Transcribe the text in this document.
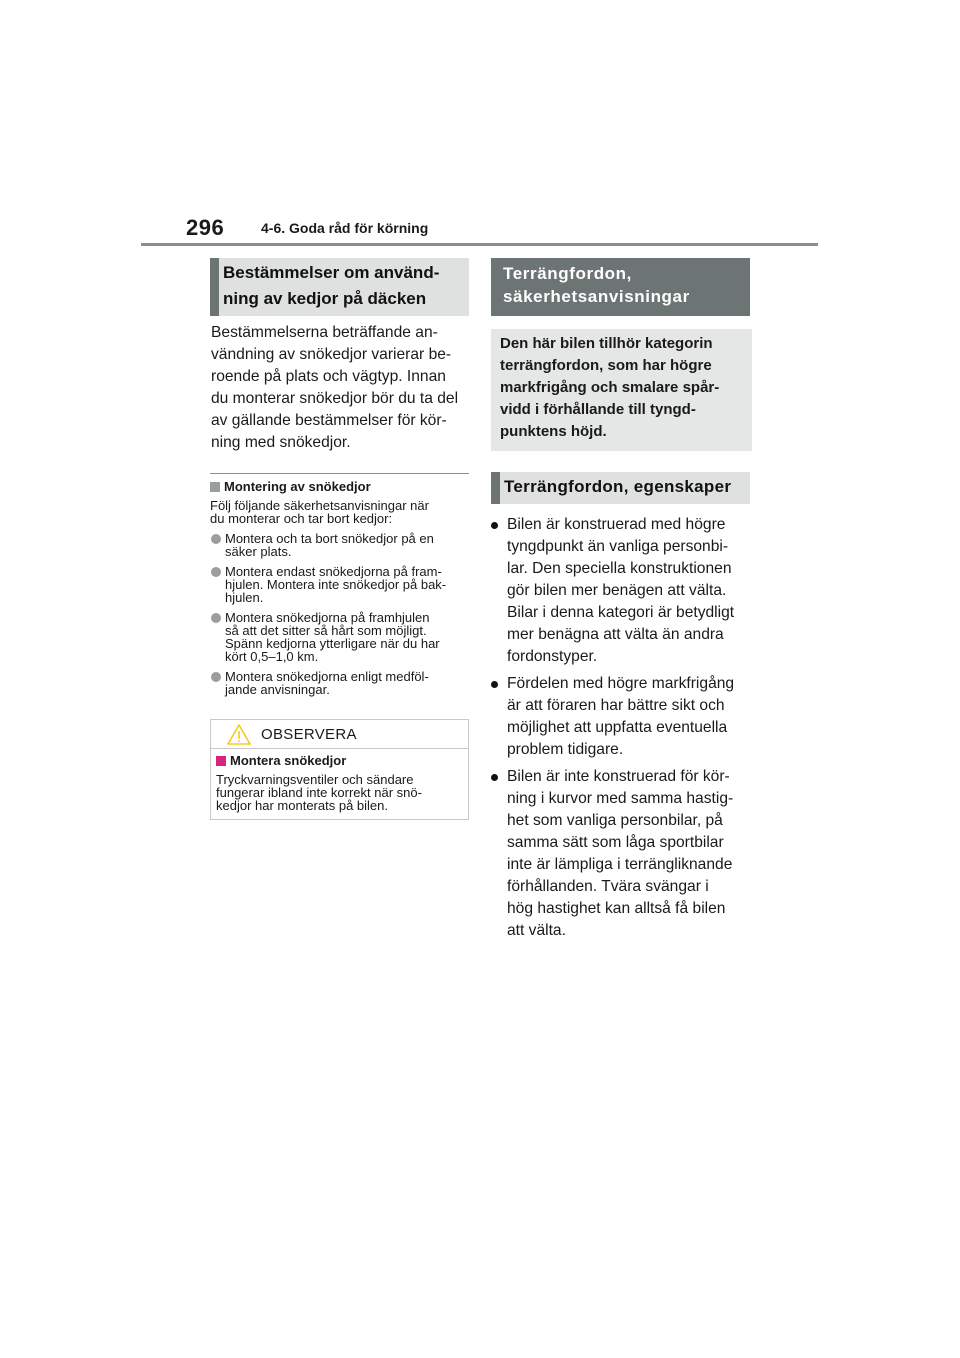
296	4-6. Goda råd för körning
Bestämmelser om använd-
ning av kedjor på däcken
Bestämmelserna beträffande an-
vändning av snökedjor varierar be-
roende på plats och vägtyp. Innan
du monterar snökedjor bör du ta del
av gällande bestämmelser för kör-
ning med snökedjor.
Montering av snökedjor
Följ följande säkerhetsanvisningar när
du monterar och tar bort kedjor:
Montera och ta bort snökedjor på en
säker plats.
Montera endast snökedjorna på fram-
hjulen. Montera inte snökedjor på bak-
hjulen.
Montera snökedjorna på framhjulen
så att det sitter så hårt som möjligt.
Spänn kedjorna ytterligare när du har
kört 0,5–1,0 km.
Montera snökedjorna enligt medföl-
jande anvisningar.
OBSERVERA
Montera snökedjor
Tryckvarningsventiler och sändare
fungerar ibland inte korrekt när snö-
kedjor har monterats på bilen.
Terrängfordon,
säkerhetsanvisningar
Den här bilen tillhör kategorin
terrängfordon, som har högre
markfrigång och smalare spår-
vidd i förhållande till tyngd-
punktens höjd.
Terrängfordon, egenskaper
Bilen är konstruerad med högre
tyngdpunkt än vanliga personbi-
lar. Den speciella konstruktionen
gör bilen mer benägen att välta.
Bilar i denna kategori är betydligt
mer benägna att välta än andra
fordonstyper.
Fördelen med högre markfrigång
är att föraren har bättre sikt och
möjlighet att uppfatta eventuella
problem tidigare.
Bilen är inte konstruerad för kör-
ning i kurvor med samma hastig-
het som vanliga personbilar, på
samma sätt som låga sportbilar
inte är lämpliga i terrängliknande
förhållanden. Tvära svängar i
hög hastighet kan alltså få bilen
att välta.
